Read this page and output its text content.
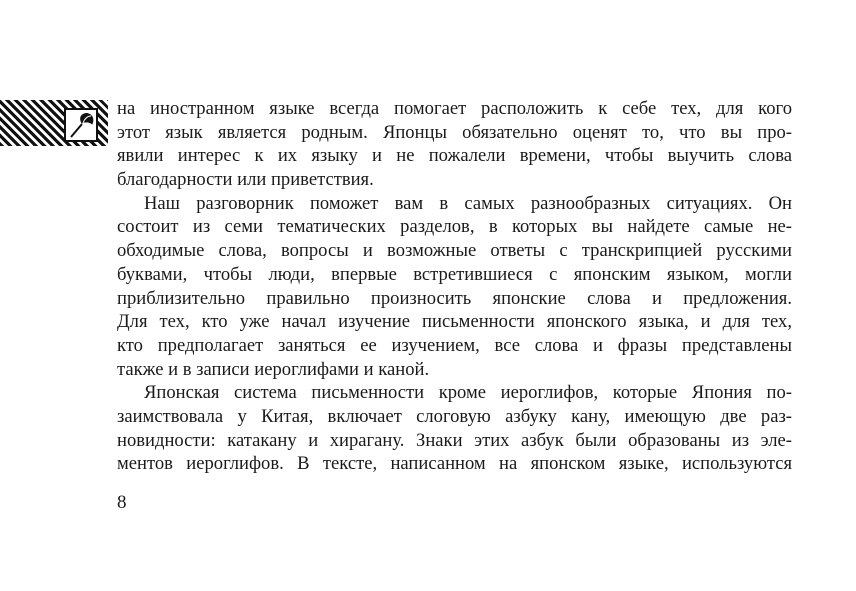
на иностранном языке всегда помогает расположить к себе тех, для кого
этот язык является родным. Японцы обязательно оценят то, что вы про-
явили интерес к их языку и не пожалели времени, чтобы выучить слова
благодарности или приветствия.
Наш разговорник поможет вам в самых разнообразных ситуациях. Он
состоит из семи тематических разделов, в которых вы найдете самые не-
обходимые слова, вопросы и возможные ответы с транскрипцией русскими
буквами, чтобы люди, впервые встретившиеся с японским языком, могли
приблизительно правильно произносить японские слова и предложения.
Для тех, кто уже начал изучение письменности японского языка, и для тех,
кто предполагает заняться ее изучением, все слова и фразы представлены
также и в записи иероглифами и каной.
Японская система письменности кроме иероглифов, которые Япония по-
заимствовала у Китая, включает слоговую азбуку кану, имеющую две раз-
новидности: катакану и хирагану. Знаки этих азбук были образованы из эле-
ментов иероглифов. В тексте, написанном на японском языке, используются
8
